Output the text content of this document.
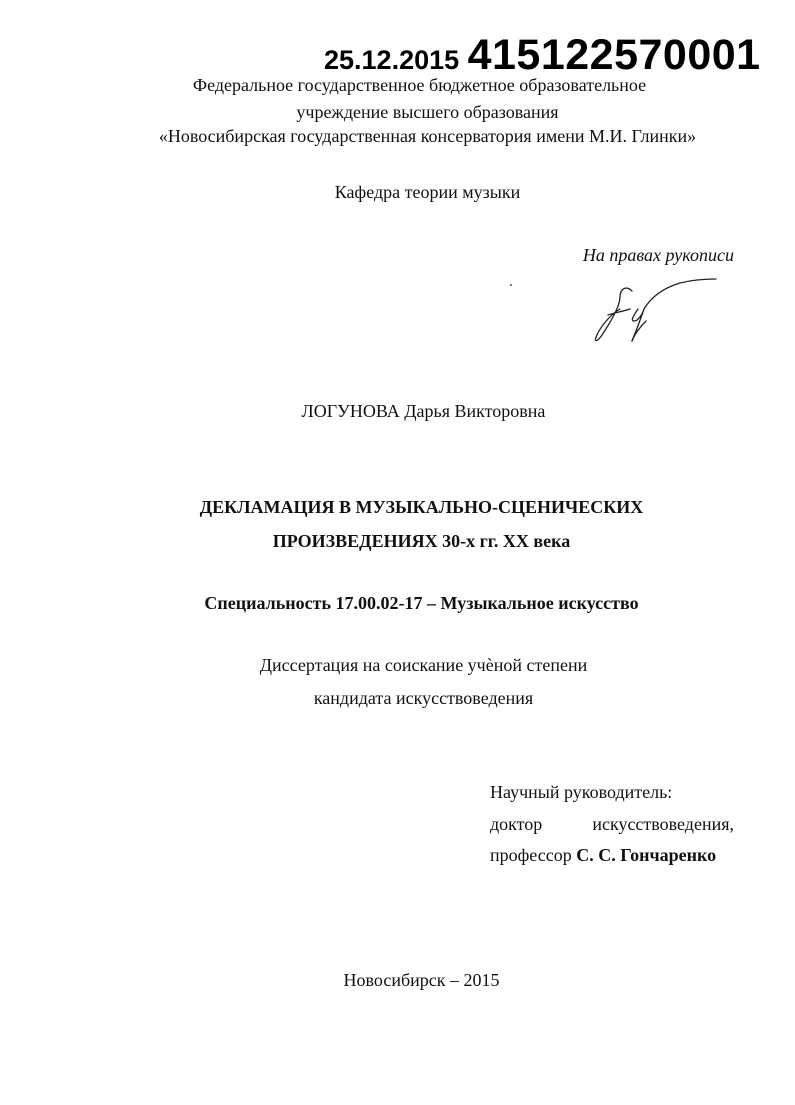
25.12.2015 415122570001
Федеральное государственное бюджетное образовательное
учреждение высшего образования
«Новосибирская государственная консерватория имени М.И. Глинки»
Кафедра теории музыки
На правах рукописи
ЛОГУНОВА Дарья Викторовна
ДЕКЛАМАЦИЯ В МУЗЫКАЛЬНО-СЦЕНИЧЕСКИХ
ПРОИЗВЕДЕНИЯХ 30-х гг. XX века
Специальность 17.00.02-17 – Музыкальное искусство
Диссертация на соискание учѐной степени
кандидата искусствоведения
Научный руководитель:
доктор	искусствоведения,
профессор С. С. Гончаренко
Новосибирск – 2015
